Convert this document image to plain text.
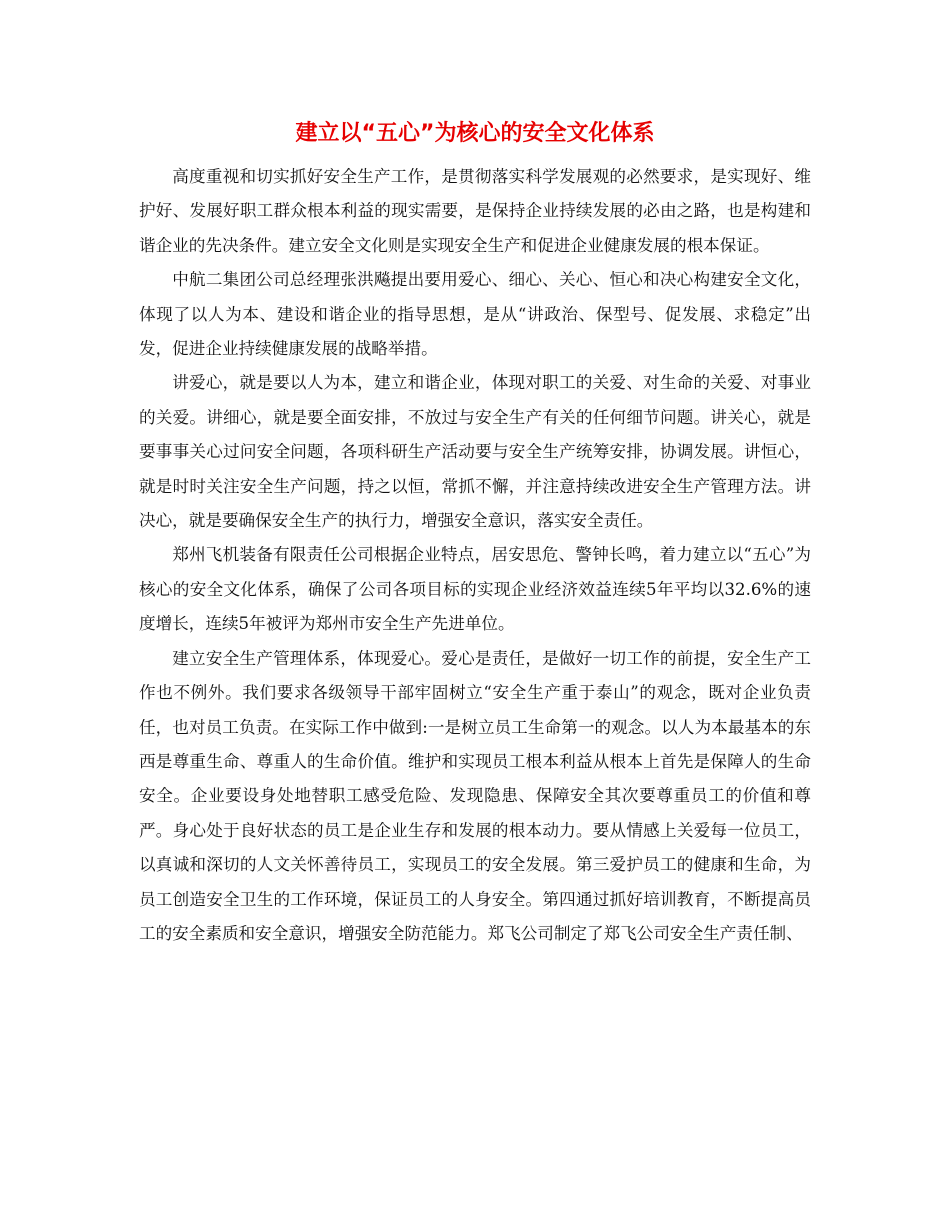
建立以“五心”为核心的安全文化体系

高度重视和切实抓好安全生产工作，是贯彻落实科学发展观的必然要求，是实现好、维护好、发展好职工群众根本利益的现实需要，是保持企业持续发展的必由之路，也是构建和谐企业的先决条件。建立安全文化则是实现安全生产和促进企业健康发展的根本保证。

中航二集团公司总经理张洪飚提出要用爱心、细心、关心、恒心和决心构建安全文化，体现了以人为本、建设和谐企业的指导思想，是从“讲政治、保型号、促发展、求稳定”出发，促进企业持续健康发展的战略举措。

讲爱心，就是要以人为本，建立和谐企业，体现对职工的关爱、对生命的关爱、对事业的关爱。讲细心，就是要全面安排，不放过与安全生产有关的任何细节问题。讲关心，就是要事事关心过问安全问题，各项科研生产活动要与安全生产统筹安排，协调发展。讲恒心，就是时时关注安全生产问题，持之以恒，常抓不懈，并注意持续改进安全生产管理方法。讲决心，就是要确保安全生产的执行力，增强安全意识，落实安全责任。

郑州飞机装备有限责任公司根据企业特点，居安思危、警钟长鸣，着力建立以“五心”为核心的安全文化体系，确保了公司各项目标的实现企业经济效益连续5年平均以32.6%的速度增长，连续5年被评为郑州市安全生产先进单位。

建立安全生产管理体系，体现爱心。爱心是责任，是做好一切工作的前提，安全生产工作也不例外。我们要求各级领导干部牢固树立“安全生产重于泰山”的观念，既对企业负责任，也对员工负责。在实际工作中做到:一是树立员工生命第一的观念。以人为本最基本的东西是尊重生命、尊重人的生命价值。维护和实现员工根本利益从根本上首先是保障人的生命安全。企业要设身处地替职工感受危险、发现隐患、保障安全其次要尊重员工的价值和尊严。身心处于良好状态的员工是企业生存和发展的根本动力。要从情感上关爱每一位员工，以真诚和深切的人文关怀善待员工，实现员工的安全发展。第三爱护员工的健康和生命，为员工创造安全卫生的工作环境，保证员工的人身安全。第四通过抓好培训教育，不断提高员工的安全素质和安全意识，增强安全防范能力。郑飞公司制定了郑飞公司安全生产责任制、
